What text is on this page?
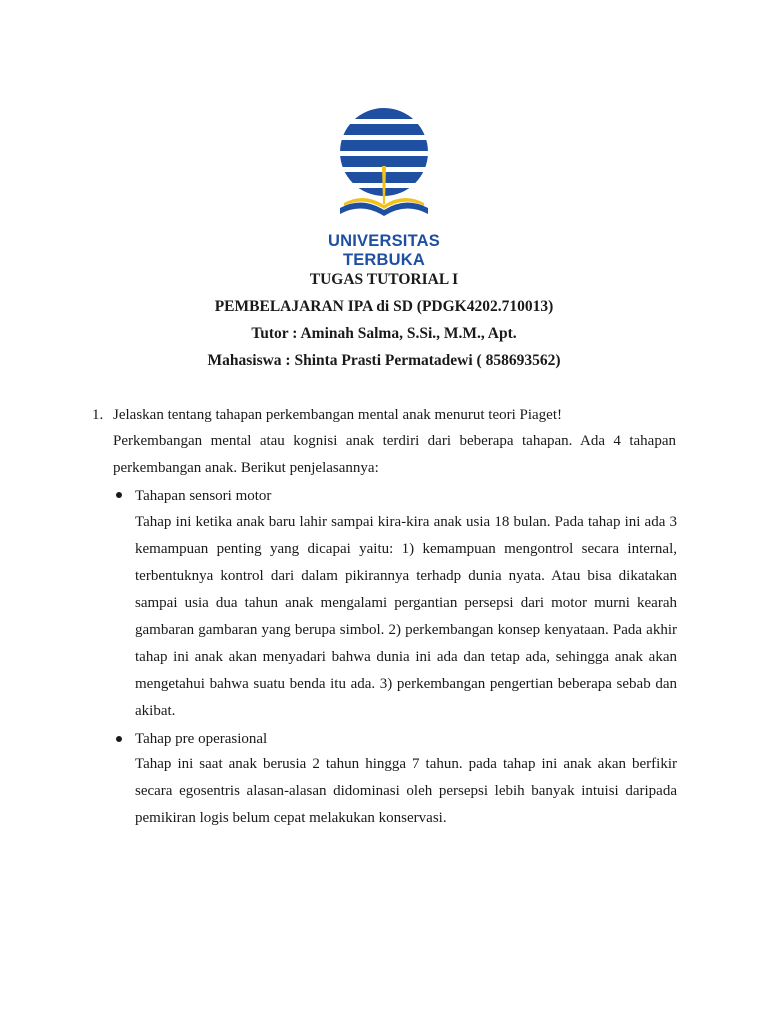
UNIVERSITAS TERBUKA
TUGAS TUTORIAL I
PEMBELAJARAN IPA di SD (PDGK4202.710013)
Tutor : Aminah Salma, S.Si., M.M., Apt.
Mahasiswa : Shinta Prasti Permatadewi ( 858693562)
1. Jelaskan tentang tahapan perkembangan mental anak menurut teori Piaget!

Perkembangan mental atau kognisi anak terdiri dari beberapa tahapan. Ada 4 tahapan perkembangan anak. Berikut penjelasannya:

Tahapan sensori motor

Tahap ini ketika anak baru lahir sampai kira-kira anak usia 18 bulan. Pada tahap ini ada 3 kemampuan penting yang dicapai yaitu: 1) kemampuan mengontrol secara internal, terbentuknya kontrol dari dalam pikirannya terhadp dunia nyata. Atau bisa dikatakan sampai usia dua tahun anak mengalami pergantian persepsi dari motor murni kearah gambaran gambaran yang berupa simbol. 2) perkembangan konsep kenyataan. Pada akhir tahap ini anak akan menyadari bahwa dunia ini ada dan tetap ada, sehingga anak akan mengetahui bahwa suatu benda itu ada. 3) perkembangan pengertian beberapa sebab dan akibat.

Tahap pre operasional

Tahap ini saat anak berusia 2 tahun hingga 7 tahun. pada tahap ini anak akan berfikir secara egosentris alasan-alasan didominasi oleh persepsi lebih banyak intuisi daripada pemikiran logis belum cepat melakukan konservasi.
